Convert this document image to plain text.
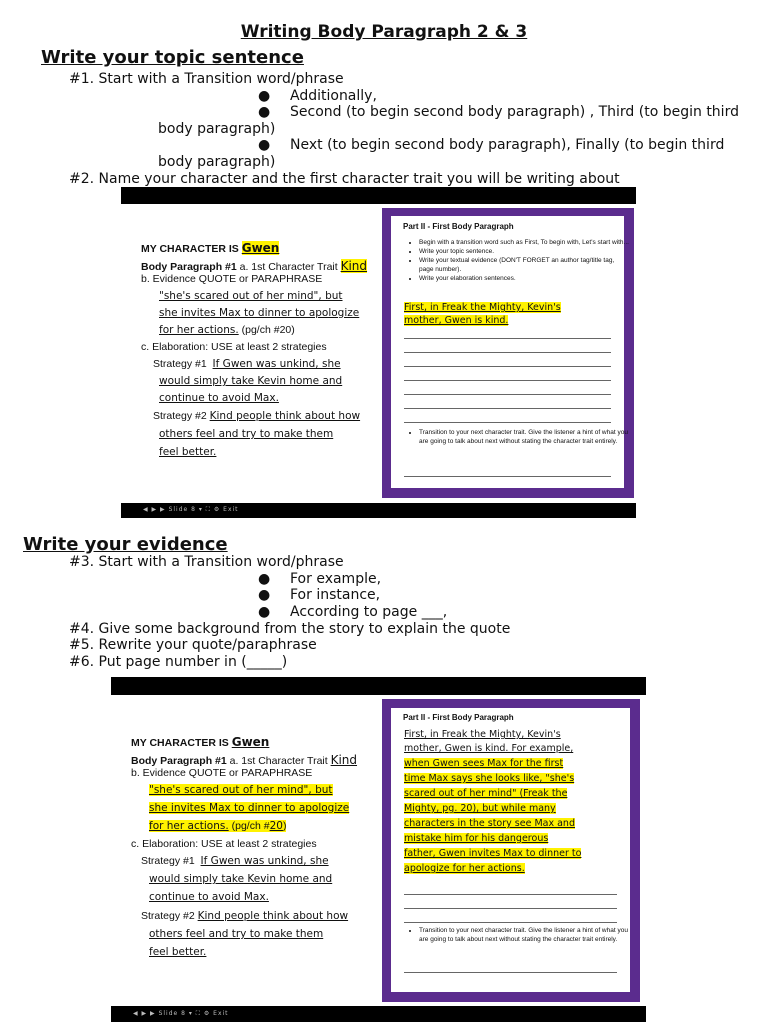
Writing Body Paragraph 2 & 3
Write your topic sentence
#1. Start with a Transition word/phrase
● Additionally,
● Second (to begin second body paragraph) , Third (to begin third
body paragraph)
● Next (to begin second body paragraph), Finally (to begin third
body paragraph)
#2. Name your character and the first character trait you will be writing about
◀ ▶ ▶ Slide 8 ▾ ⛶ ⚙ Exit
MY CHARACTER IS Gwen
Body Paragraph #1 a. 1st Character Trait Kind
b. Evidence QUOTE or PARAPHRASE
"she's scared out of her mind", but
she invites Max to dinner to apologize
for her actions. (pg/ch #20)
c. Elaboration: USE at least 2 strategies
Strategy #1 If Gwen was unkind, she
would simply take Kevin home and
continue to avoid Max.
Strategy #2 Kind people think about how
others feel and try to make them
feel better.
Part II - First Body Paragraph
• Begin with a transition word such as First, To begin with, Let's start with...
• Write your topic sentence.
• Write your textual evidence (DON'T FORGET an author tag/title tag, page number).
• Write your elaboration sentences.
First, in Freak the Mighty, Kevin's
mother, Gwen is kind.
• Transition to your next character trait. Give the listener a hint of what you are going to talk about next without stating the character trait entirely.
Write your evidence
#3. Start with a Transition word/phrase
● For example,
● For instance,
● According to page ___,
#4. Give some background from the story to explain the quote
#5. Rewrite your quote/paraphrase
#6. Put page number in (_____)
◀ ▶ ▶ Slide 8 ▾ ⛶ ⚙ Exit
MY CHARACTER IS Gwen
Body Paragraph #1 a. 1st Character Trait Kind
b. Evidence QUOTE or PARAPHRASE
"she's scared out of her mind", but
she invites Max to dinner to apologize
for her actions. (pg/ch #20)
c. Elaboration: USE at least 2 strategies
Strategy #1 If Gwen was unkind, she
would simply take Kevin home and
continue to avoid Max.
Strategy #2 Kind people think about how
others feel and try to make them
feel better.
Part II - First Body Paragraph
First, in Freak the Mighty, Kevin's
mother, Gwen is kind. For example,
when Gwen sees Max for the first
time Max says she looks like, "she's
scared out of her mind" (Freak the
Mighty, pg. 20), but while many
characters in the story see Max and
mistake him for his dangerous
father, Gwen invites Max to dinner to
apologize for her actions.
• Transition to your next character trait. Give the listener a hint of what you are going to talk about next without stating the character trait entirely.
